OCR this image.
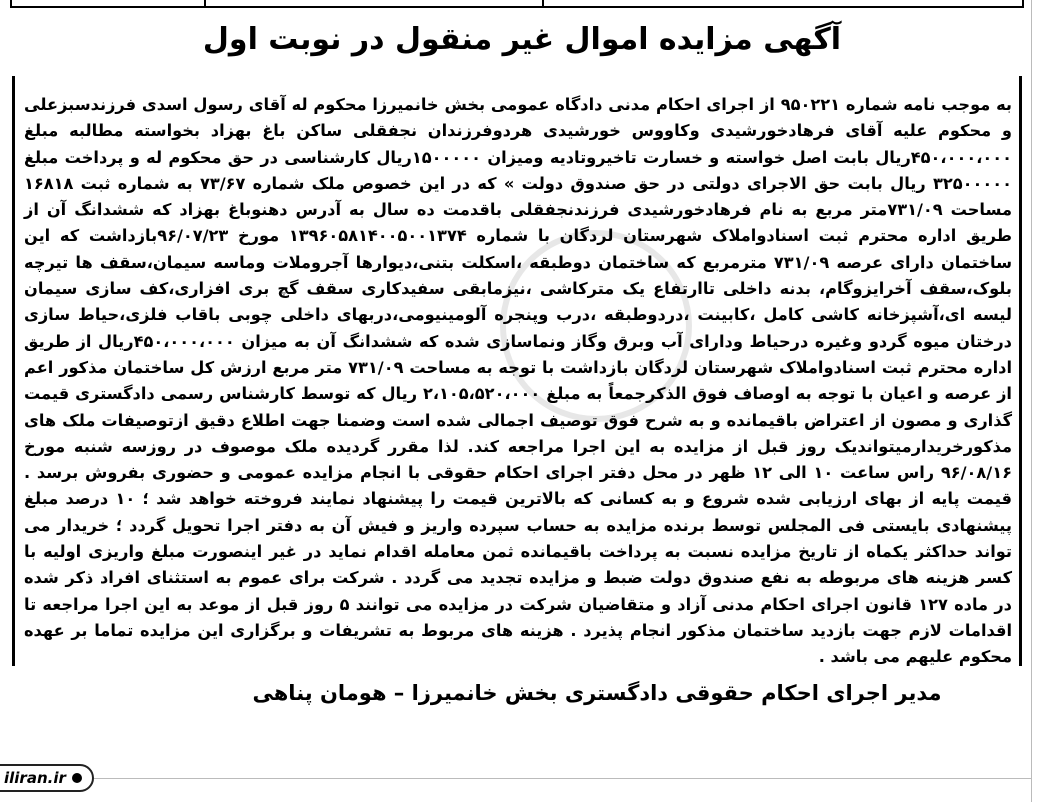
آگهی مزایده اموال غیر منقول در نوبت اول
به موجب نامه شماره ۹۵۰۲۲۱ از اجرای احکام مدنی دادگاه عمومی بخش خانمیرزا محکوم له آقای رسول اسدی فرزندسبزعلی و محکوم علیه آقای فرهادخورشیدی وکاووس خورشیدی هردوفرزندان نجفقلی ساکن باغ بهزاد بخواسته مطالبه مبلغ ۴۵۰،۰۰۰،۰۰۰ریال بابت اصل خواسته و خسارت تاخیروتادیه ومیزان ۱۵۰۰۰۰۰ریال کارشناسی در حق محکوم له و پرداخت مبلغ ۳۲۵۰۰۰۰۰ ریال بابت حق الاجرای دولتی در حق صندوق دولت » که در این خصوص ملک شماره ۷۳/۶۷ به شماره ثبت ۱۶۸۱۸ مساحت ۷۳۱/۰۹متر مربع به نام فرهادخورشیدی فرزندنجفقلی باقدمت ده سال به آدرس دهنوباغ بهزاد که ششدانگ آن از طریق اداره محترم ثبت اسنادواملاک شهرستان لردگان با شماره ۱۳۹۶۰۵۸۱۴۰۰۵۰۰۱۳۷۴ مورخ ۹۶/۰۷/۲۳بازداشت که این ساختمان دارای عرصه ۷۳۱/۰۹ مترمربع که ساختمان دوطبقه ،اسکلت بتنی،دیوارها آجروملات وماسه سیمان،سقف ها تیرچه بلوک،سقف آخرایزوگام، بدنه داخلی تاارتفاع یک مترکاشی ،نیزمابقی سفیدکاری سقف گچ بری افزاری،کف سازی سیمان لیسه ای،آشپزخانه کاشی کامل ،کابینت ،دردوطبقه ،درب وپنجره آلومینیومی،دربهای داخلی چوبی باقاب فلزی،حیاط سازی درختان میوه گردو وغیره درحیاط ودارای آب وبرق وگاز ونماسازی شده که ششدانگ آن به میزان ۴۵۰،۰۰۰،۰۰۰ریال از طریق اداره محترم ثبت اسنادواملاک شهرستان لردگان بازداشت با توجه به مساحت ۷۳۱/۰۹ متر مربع ارزش کل ساختمان مذکور اعم از عرصه و اعیان با توجه به اوصاف فوق الذکرجمعاً به مبلغ ۲،۱۰۵،۵۲۰،۰۰۰ ریال که توسط کارشناس رسمی دادگستری قیمت گذاری و مصون از اعتراض باقیمانده و به شرح فوق توصیف اجمالی شده است وضمنا جهت اطلاع دقیق ازتوصیفات ملک های مذکورخریدارمیتواندیک روز قبل از مزایده به این اجرا مراجعه کند. لذا مقرر گردیده ملک موصوف در روزسه شنبه مورخ ۹۶/۰۸/۱۶ راس ساعت ۱۰ الی ۱۲ ظهر در محل دفتر اجرای احکام حقوقی با انجام مزایده عمومی و حضوری بفروش برسد . قیمت پایه از بهای ارزیابی شده شروع و به کسانی که بالاترین قیمت را پیشنهاد نمایند فروخته خواهد شد ؛ ۱۰ درصد مبلغ پیشنهادی بایستی فی المجلس توسط برنده مزایده به حساب سپرده واریز و فیش آن به دفتر اجرا تحویل گردد ؛ خریدار می تواند حداکثر یکماه از تاریخ مزایده نسبت به پرداخت باقیمانده ثمن معامله اقدام نماید در غیر اینصورت مبلغ واریزی اولیه با کسر هزینه های مربوطه به نفع صندوق دولت ضبط و مزایده تجدید می گردد . شرکت برای عموم به استثنای افراد ذکر شده در ماده ۱۲۷ قانون اجرای احکام مدنی آزاد و متقاضیان شرکت در مزایده می توانند ۵ روز قبل از موعد به این اجرا مراجعه تا اقدامات لازم جهت بازدید ساختمان مذکور انجام پذیرد . هزینه های مربوط به تشریفات و برگزاری این مزایده تماما بر عهده محکوم علیهم می باشد .
مدیر اجرای احکام حقوقی دادگستری بخش خانمیرزا – هومان پناهی
iliran.ir
